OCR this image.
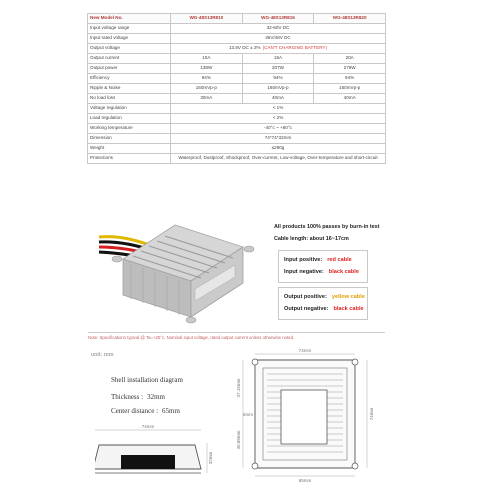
New Model No.	WG-48S13R810	WG-48S13R815	WG-48S13R820
Input voltage range	32-60V DC		
Input rated voltage	36V/48V DC		
Output voltage	13.8V DC ± 2% (CAN'T CHARGING BATTERY)		
Output current	10A	15A	20A
Output power	138W	207W	276W
Efficiency	94%	94%	94%
Ripple & Noise	160mVp-p	160mVp-p	160mVp-p
No load loss	30mA	40mA	40mA
Voltage regulation	< 1%		
Load regulation	< 2%		
Working temperature	-40°c ~ +80°c		
Dimension	74*74*32mm		
Weight	≤290g		
Protections	Waterproof, Dustproof, Shockproof, Over-current, Low-voltage, Over-temperature and short-circuit		
All products 100% passes by burn-in test
Cable length: about 16~17cm
Input positive: red cable
Input negative: black cable
Output positive: yellow cable
Output negative: black cable
Note: Specifications typical @ Ta=+25°c, Nominal input voltage, rated output current unless otherwise noted.
unit: mm
Shell installation diagram
Thickness : 32mm
Center distance : 65mm
74mm
32mm
74mm
37.15mm
36.88mm
5mm	74mm
65mm
